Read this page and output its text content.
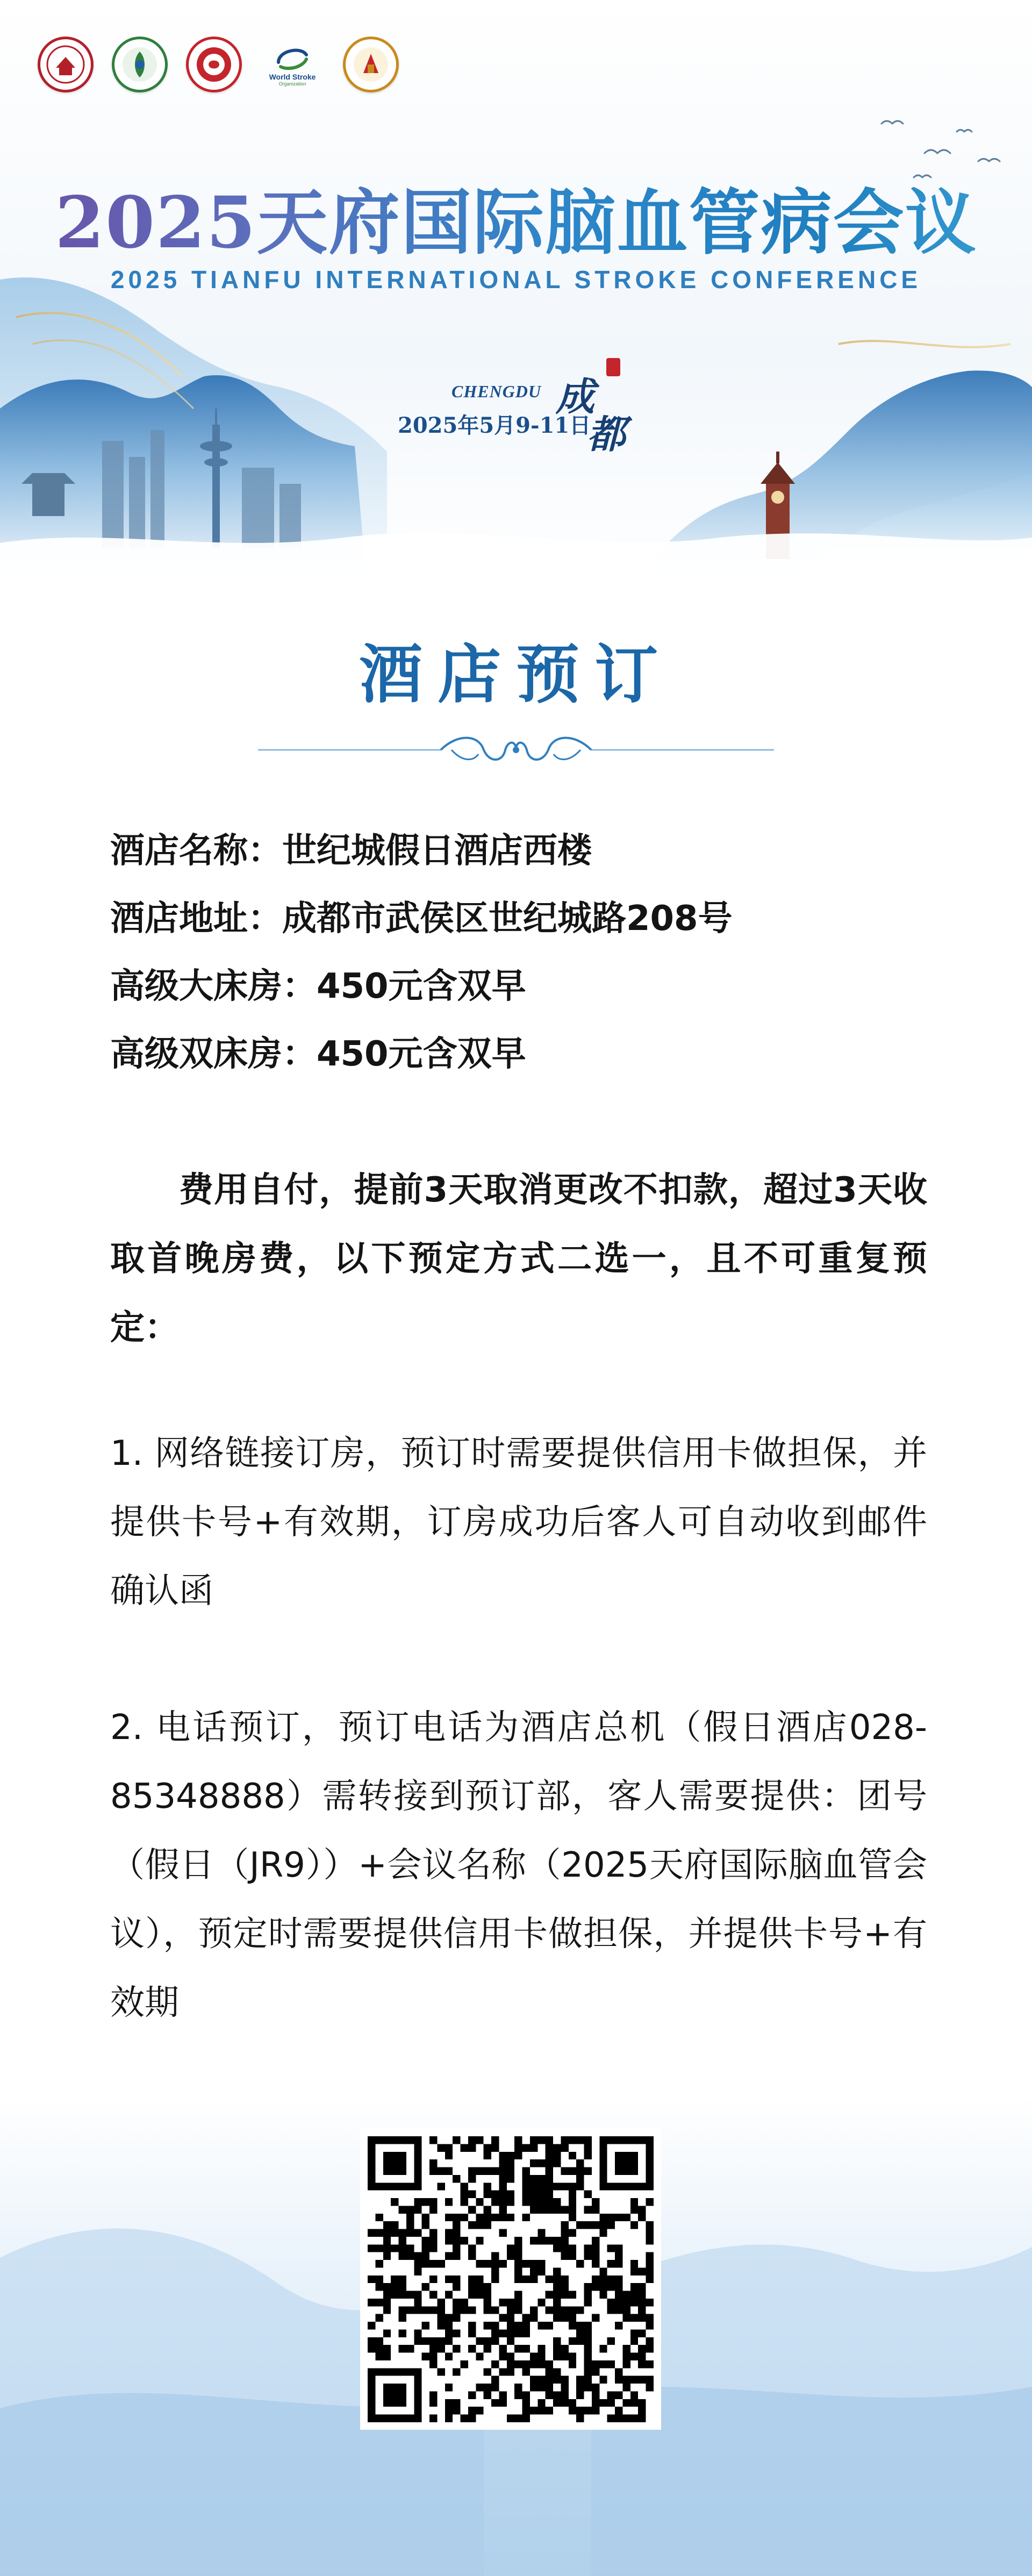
World Stroke
Organization
2025天府国际脑血管病会议
2025 TIANFU INTERNATIONAL STROKE CONFERENCE
CHENGDU
2025年5月9-11日
成
都
酒店预订
酒店名称：世纪城假日酒店西楼
酒店地址：成都市武侯区世纪城路208号
高级大床房：450元含双早
高级双床房：450元含双早
费用自付，提前3天取消更改不扣款，超过3天收取首晚房费，以下预定方式二选一，且不可重复预定：
1. 网络链接订房，预订时需要提供信用卡做担保，并提供卡号+有效期，订房成功后客人可自动收到邮件确认函
2. 电话预订，预订电话为酒店总机（假日酒店028-85348888）需转接到预订部，客人需要提供：团号（假日（JR9））+会议名称（2025天府国际脑血管会议），预定时需要提供信用卡做担保，并提供卡号+有效期
